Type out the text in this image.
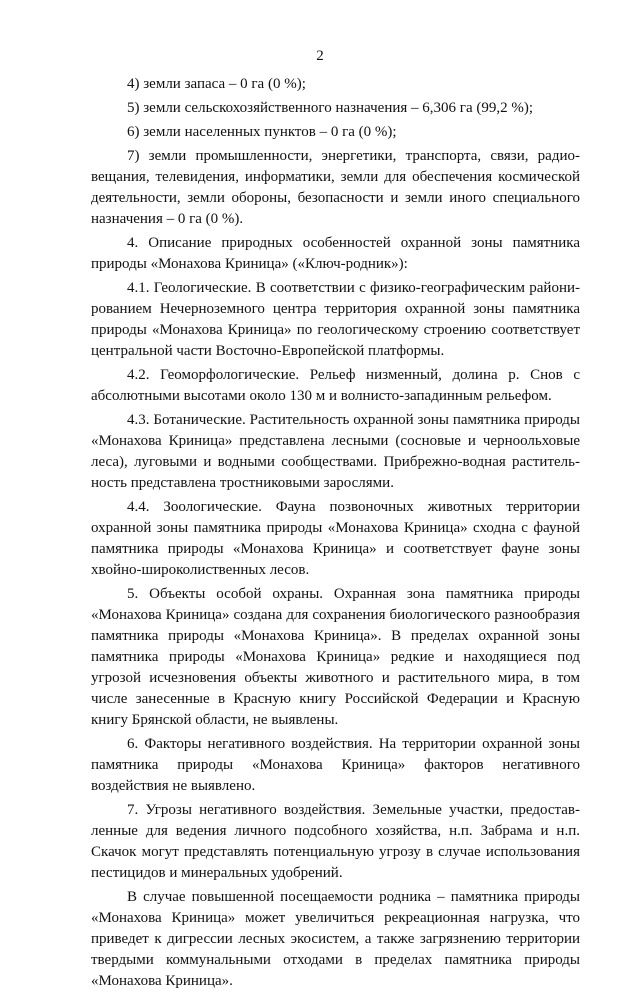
2

4) земли запаса – 0 га (0 %);

5) земли сельскохозяйственного назначения – 6,306 га (99,2 %);

6) земли населенных пунктов – 0 га (0 %);

7) земли промышленности, энергетики, транспорта, связи, радиовещания, телевидения, информатики, земли для обеспечения космической деятельности, земли обороны, безопасности и земли иного специального назначения – 0 га (0 %).

4. Описание природных особенностей охранной зоны памятника природы «Монахова Криница» («Ключ-родник»):

4.1. Геологические. В соответствии с физико-географическим районированием Нечерноземного центра территория охранной зоны памятника природы «Монахова Криница» по геологическому строению соответствует центральной части Восточно-Европейской платформы.

4.2. Геоморфологические. Рельеф низменный, долина р. Снов с абсолютными высотами около 130 м и волнисто-западинным рельефом.

4.3. Ботанические. Растительность охранной зоны памятника природы «Монахова Криница» представлена лесными (сосновые и черноольховые леса), луговыми и водными сообществами. Прибрежно-водная растительность представлена тростниковыми зарослями.

4.4. Зоологические. Фауна позвоночных животных территории охранной зоны памятника природы «Монахова Криница» сходна с фауной памятника природы «Монахова Криница» и соответствует фауне зоны хвойно-широколиственных лесов.

5. Объекты особой охраны. Охранная зона памятника природы «Монахова Криница» создана для сохранения биологического разнообразия памятника природы «Монахова Криница». В пределах охранной зоны памятника природы «Монахова Криница» редкие и находящиеся под угрозой исчезновения объекты животного и растительного мира, в том числе занесенные в Красную книгу Российской Федерации и Красную книгу Брянской области, не выявлены.

6. Факторы негативного воздействия. На территории охранной зоны памятника природы «Монахова Криница» факторов негативного воздействия не выявлено.

7. Угрозы негативного воздействия. Земельные участки, предоставленные для ведения личного подсобного хозяйства, н.п. Забрама и н.п. Скачок могут представлять потенциальную угрозу в случае использования пестицидов и минеральных удобрений.

В случае повышенной посещаемости родника – памятника природы «Монахова Криница» может увеличиться рекреационная нагрузка, что приведет к дигрессии лесных экосистем, а также загрязнению территории твердыми коммунальными отходами в пределах памятника природы «Монахова Криница».
